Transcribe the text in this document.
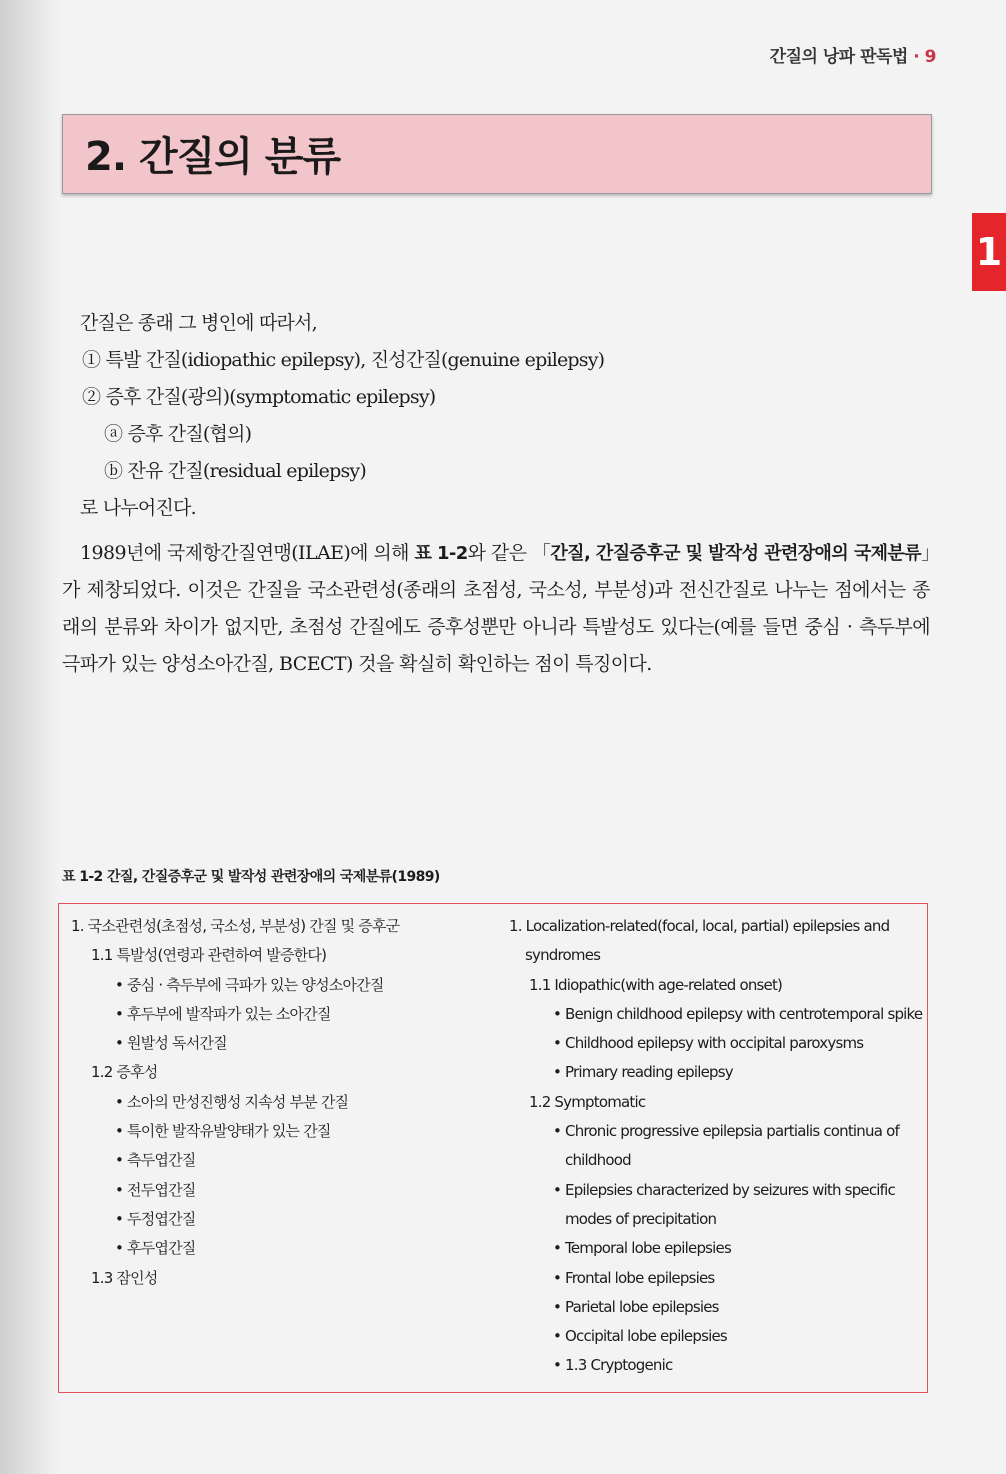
간질의 낭파 판독법 · 9
1
2. 간질의 분류
간질은 종래 그 병인에 따라서,
① 특발 간질(idiopathic epilepsy), 진성간질(genuine epilepsy)
② 증후 간질(광의)(symptomatic epilepsy)
ⓐ 증후 간질(협의)
ⓑ 잔유 간질(residual epilepsy)
로 나누어진다.
1989년에 국제항간질연맹(ILAE)에 의해 표 1-2와 같은 「간질, 간질증후군 및 발작성 관련장애의 국제분류」가 제창되었다. 이것은 간질을 국소관련성(종래의 초점성, 국소성, 부분성)과 전신간질로 나누는 점에서는 종래의 분류와 차이가 없지만, 초점성 간질에도 증후성뿐만 아니라 특발성도 있다는(예를 들면 중심 · 측두부에 극파가 있는 양성소아간질, BCECT) 것을 확실히 확인하는 점이 특징이다.
표 1-2 간질, 간질증후군 및 발작성 관련장애의 국제분류(1989)
1. 국소관련성(초점성, 국소성, 부분성) 간질 및 증후군
1.1 특발성(연령과 관련하여 발증한다)
• 중심 · 측두부에 극파가 있는 양성소아간질
• 후두부에 발작파가 있는 소아간질
• 원발성 독서간질
1.2 증후성
• 소아의 만성진행성 지속성 부분 간질
• 특이한 발작유발양태가 있는 간질
• 측두엽간질
• 전두엽간질
• 두정엽간질
• 후두엽간질
1.3 잠인성
1. Localization-related(focal, local, partial) epilepsies and
syndromes
1.1 Idiopathic(with age-related onset)
• Benign childhood epilepsy with centrotemporal spike
• Childhood epilepsy with occipital paroxysms
• Primary reading epilepsy
1.2 Symptomatic
• Chronic progressive epilepsia partialis continua of
childhood
• Epilepsies characterized by seizures with specific
modes of precipitation
• Temporal lobe epilepsies
• Frontal lobe epilepsies
• Parietal lobe epilepsies
• Occipital lobe epilepsies
• 1.3 Cryptogenic
